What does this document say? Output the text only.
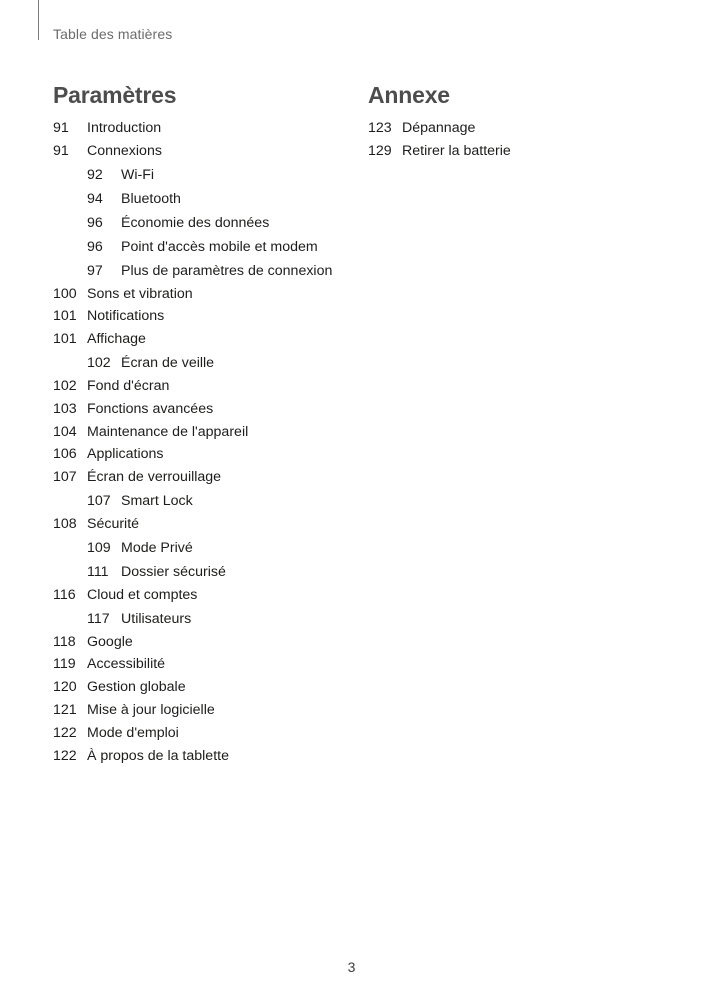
Table des matières
Paramètres
91	Introduction
91	Connexions
92	Wi-Fi
94	Bluetooth
96	Économie des données
96	Point d'accès mobile et modem
97	Plus de paramètres de connexion
100 Sons et vibration
101 Notifications
101 Affichage
102 Écran de veille
102 Fond d'écran
103 Fonctions avancées
104 Maintenance de l'appareil
106 Applications
107 Écran de verrouillage
107 Smart Lock
108 Sécurité
109 Mode Privé
111 Dossier sécurisé
116 Cloud et comptes
117 Utilisateurs
118 Google
119 Accessibilité
120 Gestion globale
121 Mise à jour logicielle
122 Mode d'emploi
122 À propos de la tablette
Annexe
123 Dépannage
129 Retirer la batterie
3
